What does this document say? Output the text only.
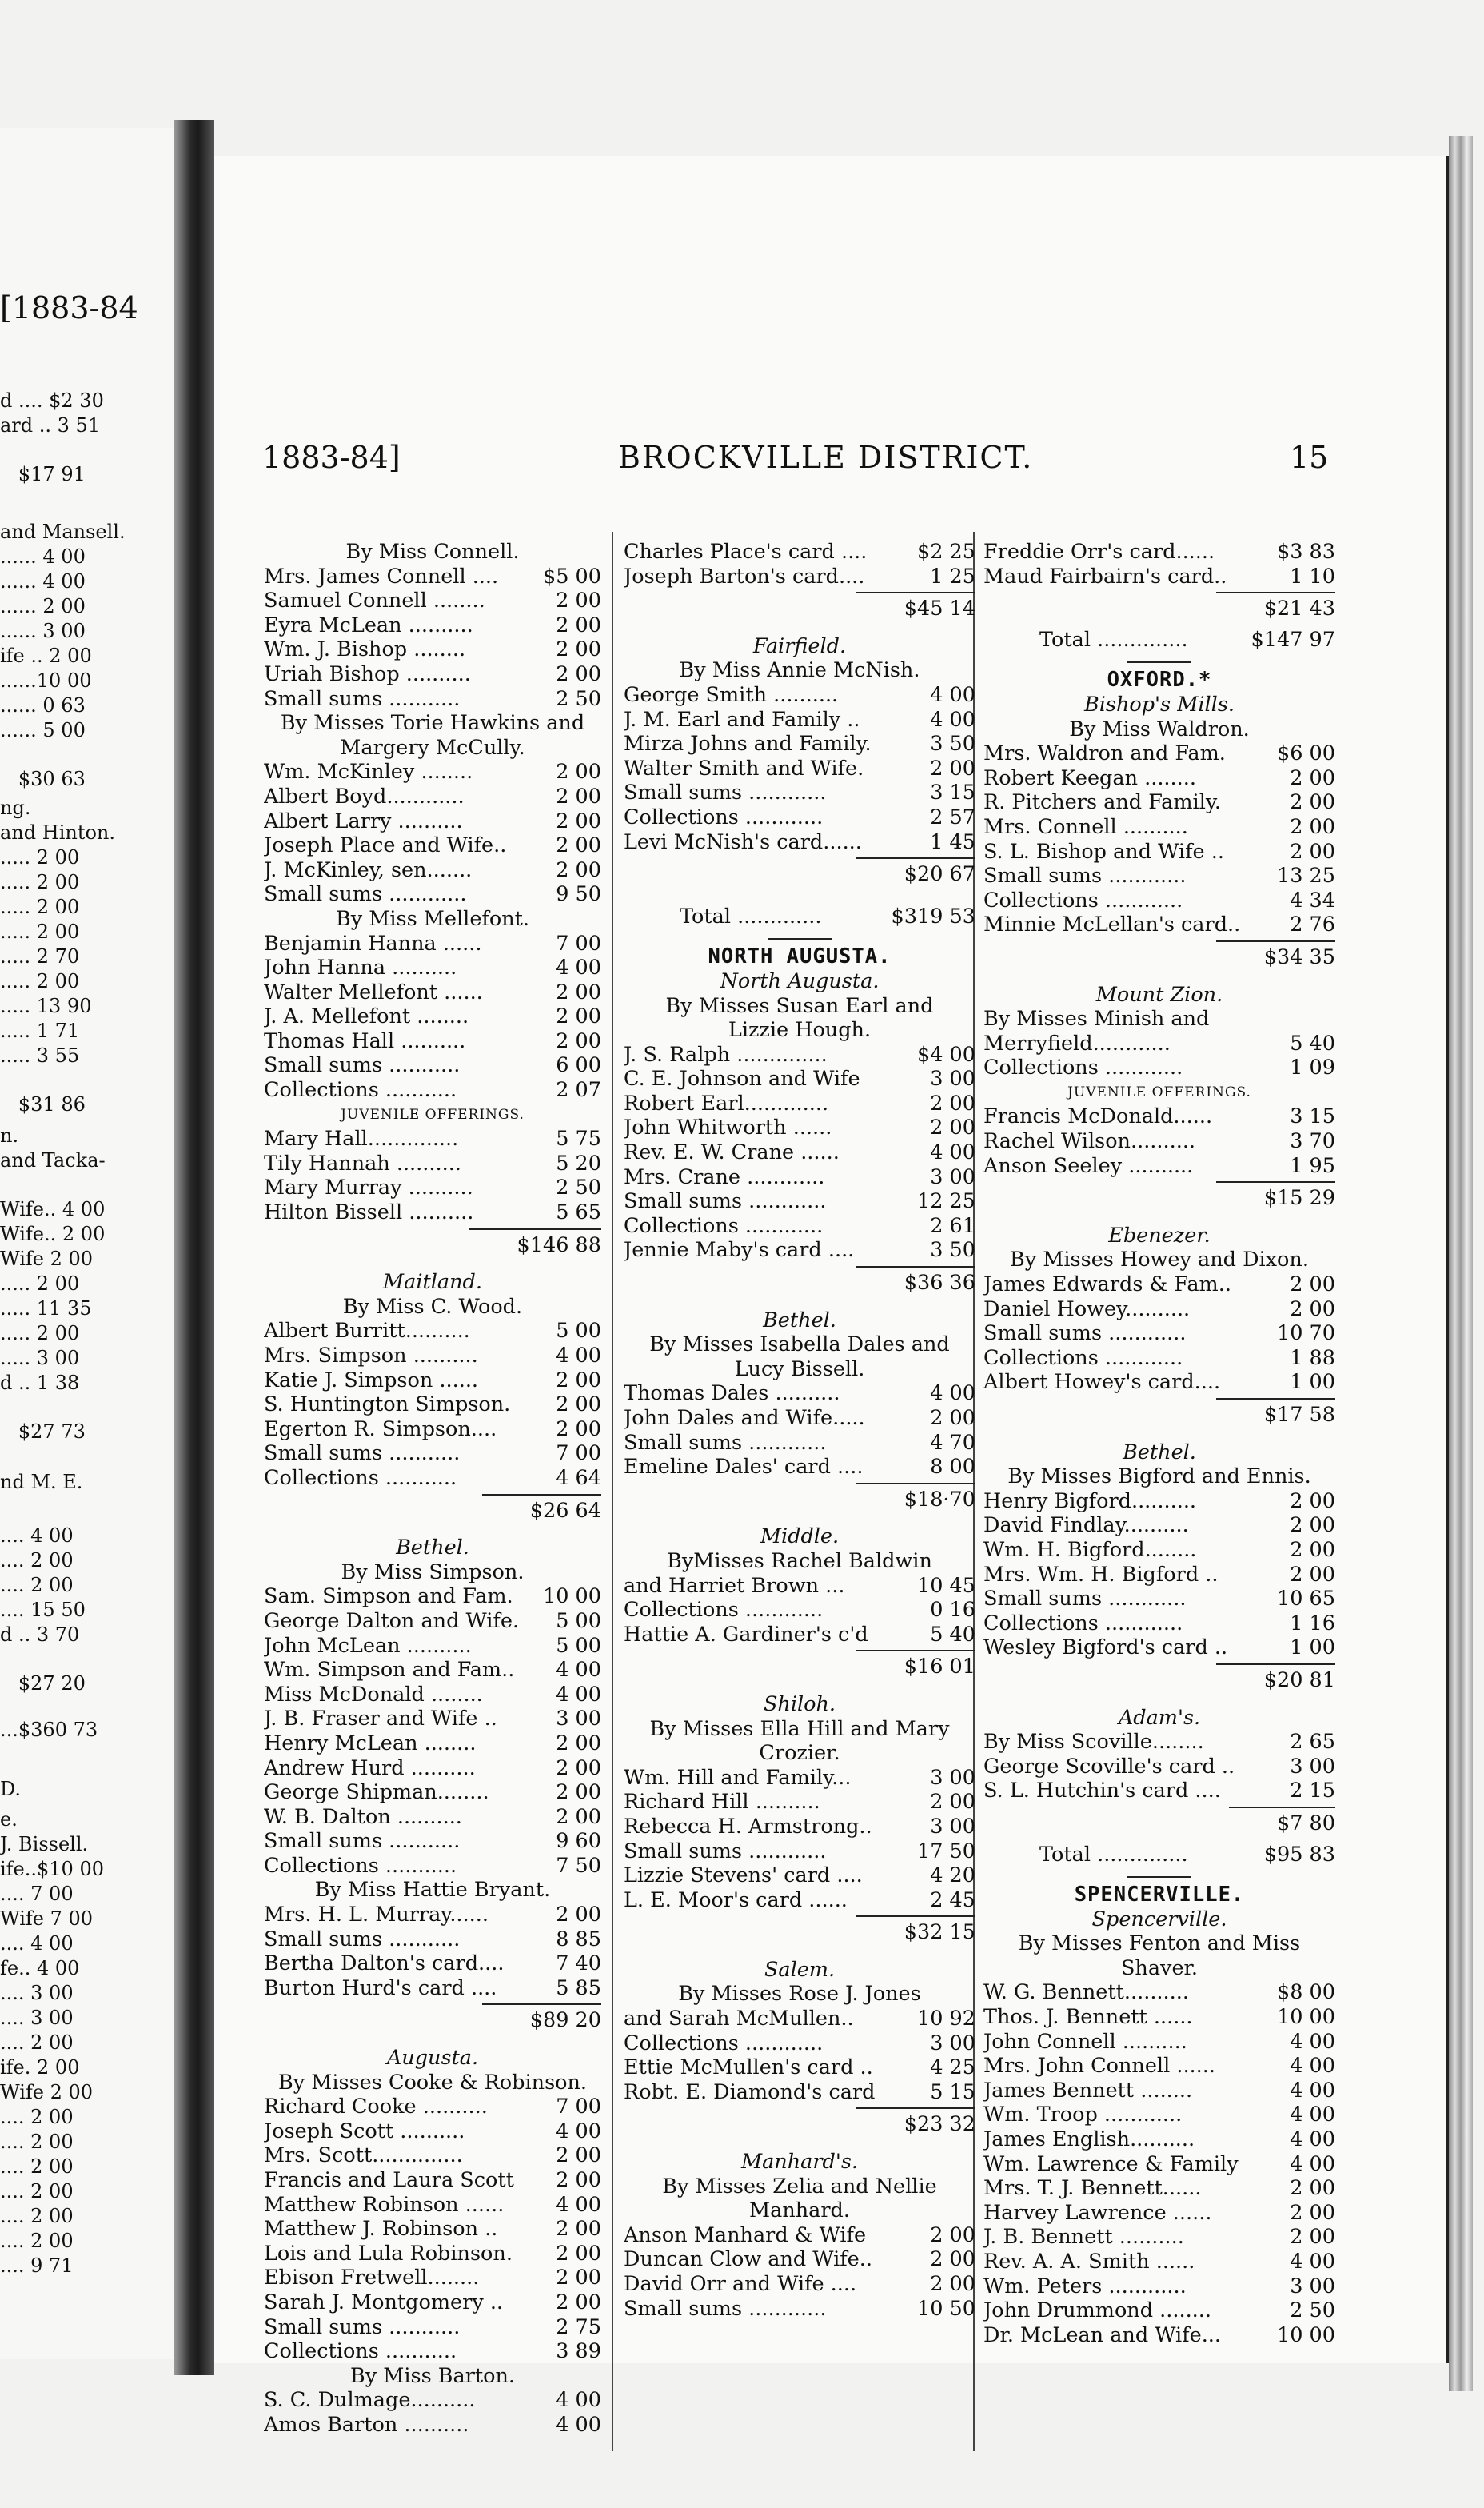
[1883-84
d .... $2 30
ard .. 3 51
$17 91
and Mansell.
...... 4 00
...... 4 00
...... 2 00
...... 3 00
ife .. 2 00
......10 00
...... 0 63
...... 5 00
$30 63
ng.
and Hinton.
..... 2 00
..... 2 00
..... 2 00
..... 2 00
..... 2 70
..... 2 00
..... 13 90
..... 1 71
..... 3 55
$31 86
n.
and Tacka-
Wife.. 4 00
Wife.. 2 00
Wife 2 00
..... 2 00
..... 11 35
..... 2 00
..... 3 00
d .. 1 38
$27 73
nd M. E.
.... 4 00
.... 2 00
.... 2 00
.... 15 50
d .. 3 70
$27 20
...$360 73
D.
e.
J. Bissell.
ife..$10 00
.... 7 00
Wife 7 00
.... 4 00
fe.. 4 00
.... 3 00
.... 3 00
.... 2 00
ife. 2 00
Wife 2 00
.... 2 00
.... 2 00
.... 2 00
.... 2 00
.... 2 00
.... 2 00
.... 9 71
1883-84]	BROCKVILLE DISTRICT.	15
By Miss Connell.
Mrs. James Connell ....	$5 00
Samuel Connell ........	2 00
Eyra McLean ..........	2 00
Wm. J. Bishop ........	2 00
Uriah Bishop ..........	2 00
Small sums ...........	2 50
By Misses Torie Hawkins and
Margery McCully.
Wm. McKinley ........	2 00
Albert Boyd............	2 00
Albert Larry ..........	2 00
Joseph Place and Wife..	2 00
J. McKinley, sen.......	2 00
Small sums ............	9 50
By Miss Mellefont.
Benjamin Hanna ......	7 00
John Hanna ..........	4 00
Walter Mellefont ......	2 00
J. A. Mellefont ........	2 00
Thomas Hall ..........	2 00
Small sums ...........	6 00
Collections ...........	2 07
JUVENILE OFFERINGS.
Mary Hall..............	5 75
Tily Hannah ..........	5 20
Mary Murray ..........	2 50
Hilton Bissell ..........	5 65
$146 88
Maitland.
By Miss C. Wood.
Albert Burritt..........	5 00
Mrs. Simpson ..........	4 00
Katie J. Simpson ......	2 00
S. Huntington Simpson.	2 00
Egerton R. Simpson....	2 00
Small sums ...........	7 00
Collections ...........	4 64
$26 64
Bethel.
By Miss Simpson.
Sam. Simpson and Fam.	10 00
George Dalton and Wife.	5 00
John McLean ..........	5 00
Wm. Simpson and Fam..	4 00
Miss McDonald ........	4 00
J. B. Fraser and Wife ..	3 00
Henry McLean ........	2 00
Andrew Hurd ..........	2 00
George Shipman........	2 00
W. B. Dalton ..........	2 00
Small sums ...........	9 60
Collections ...........	7 50
By Miss Hattie Bryant.
Mrs. H. L. Murray......	2 00
Small sums ...........	8 85
Bertha Dalton's card....	7 40
Burton Hurd's card ....	5 85
$89 20
Augusta.
By Misses Cooke & Robinson.
Richard Cooke ..........	7 00
Joseph Scott ..........	4 00
Mrs. Scott..............	2 00
Francis and Laura Scott	2 00
Matthew Robinson ......	4 00
Matthew J. Robinson ..	2 00
Lois and Lula Robinson.	2 00
Ebison Fretwell........	2 00
Sarah J. Montgomery ..	2 00
Small sums ...........	2 75
Collections ...........	3 89
By Miss Barton.
S. C. Dulmage..........	4 00
Amos Barton ..........	4 00
Charles Place's card ....	$2 25
Joseph Barton's card....	1 25
$45 14
Fairfield.
By Miss Annie McNish.
George Smith ..........	4 00
J. M. Earl and Family ..	4 00
Mirza Johns and Family.	3 50
Walter Smith and Wife.	2 00
Small sums ............	3 15
Collections ............	2 57
Levi McNish's card......	1 45
$20 67
Total .............	$319 53
NORTH AUGUSTA.
North Augusta.
By Misses Susan Earl and
Lizzie Hough.
J. S. Ralph ..............	$4 00
C. E. Johnson and Wife	3 00
Robert Earl.............	2 00
John Whitworth ......	2 00
Rev. E. W. Crane ......	4 00
Mrs. Crane ............	3 00
Small sums ............	12 25
Collections ............	2 61
Jennie Maby's card ....	3 50
$36 36
Bethel.
By Misses Isabella Dales and
Lucy Bissell.
Thomas Dales ..........	4 00
John Dales and Wife.....	2 00
Small sums ............	4 70
Emeline Dales' card ....	8 00
$18·70
Middle.
ByMisses Rachel Baldwin
and Harriet Brown ...	10 45
Collections ............	0 16
Hattie A. Gardiner's c'd	5 40
$16 01
Shiloh.
By Misses Ella Hill and Mary
Crozier.
Wm. Hill and Family...	3 00
Richard Hill ..........	2 00
Rebecca H. Armstrong..	3 00
Small sums ............	17 50
Lizzie Stevens' card ....	4 20
L. E. Moor's card ......	2 45
$32 15
Salem.
By Misses Rose J. Jones
and Sarah McMullen..	10 92
Collections ............	3 00
Ettie McMullen's card ..	4 25
Robt. E. Diamond's card	5 15
$23 32
Manhard's.
By Misses Zelia and Nellie
Manhard.
Anson Manhard & Wife	2 00
Duncan Clow and Wife..	2 00
David Orr and Wife ....	2 00
Small sums ............	10 50
Freddie Orr's card......	$3 83
Maud Fairbairn's card..	1 10
$21 43
Total ..............	$147 97
OXFORD.*
Bishop's Mills.
By Miss Waldron.
Mrs. Waldron and Fam.	$6 00
Robert Keegan ........	2 00
R. Pitchers and Family.	2 00
Mrs. Connell ..........	2 00
S. L. Bishop and Wife ..	2 00
Small sums ............	13 25
Collections ............	4 34
Minnie McLellan's card..	2 76
$34 35
Mount Zion.
By Misses Minish and
Merryfield............	5 40
Collections ............	1 09
JUVENILE OFFERINGS.
Francis McDonald......	3 15
Rachel Wilson..........	3 70
Anson Seeley ..........	1 95
$15 29
Ebenezer.
By Misses Howey and Dixon.
James Edwards & Fam..	2 00
Daniel Howey..........	2 00
Small sums ............	10 70
Collections ............	1 88
Albert Howey's card....	1 00
$17 58
Bethel.
By Misses Bigford and Ennis.
Henry Bigford..........	2 00
David Findlay..........	2 00
Wm. H. Bigford........	2 00
Mrs. Wm. H. Bigford ..	2 00
Small sums ............	10 65
Collections ............	1 16
Wesley Bigford's card ..	1 00
$20 81
Adam's.
By Miss Scoville........	2 65
George Scoville's card ..	3 00
S. L. Hutchin's card ....	2 15
$7 80
Total ..............	$95 83
SPENCERVILLE.
Spencerville.
By Misses Fenton and Miss
Shaver.
W. G. Bennett..........	$8 00
Thos. J. Bennett ......	10 00
John Connell ..........	4 00
Mrs. John Connell ......	4 00
James Bennett ........	4 00
Wm. Troop ............	4 00
James English..........	4 00
Wm. Lawrence & Family	4 00
Mrs. T. J. Bennett......	2 00
Harvey Lawrence ......	2 00
J. B. Bennett ..........	2 00
Rev. A. A. Smith ......	4 00
Wm. Peters ............	3 00
John Drummond ........	2 50
Dr. McLean and Wife...	10 00
